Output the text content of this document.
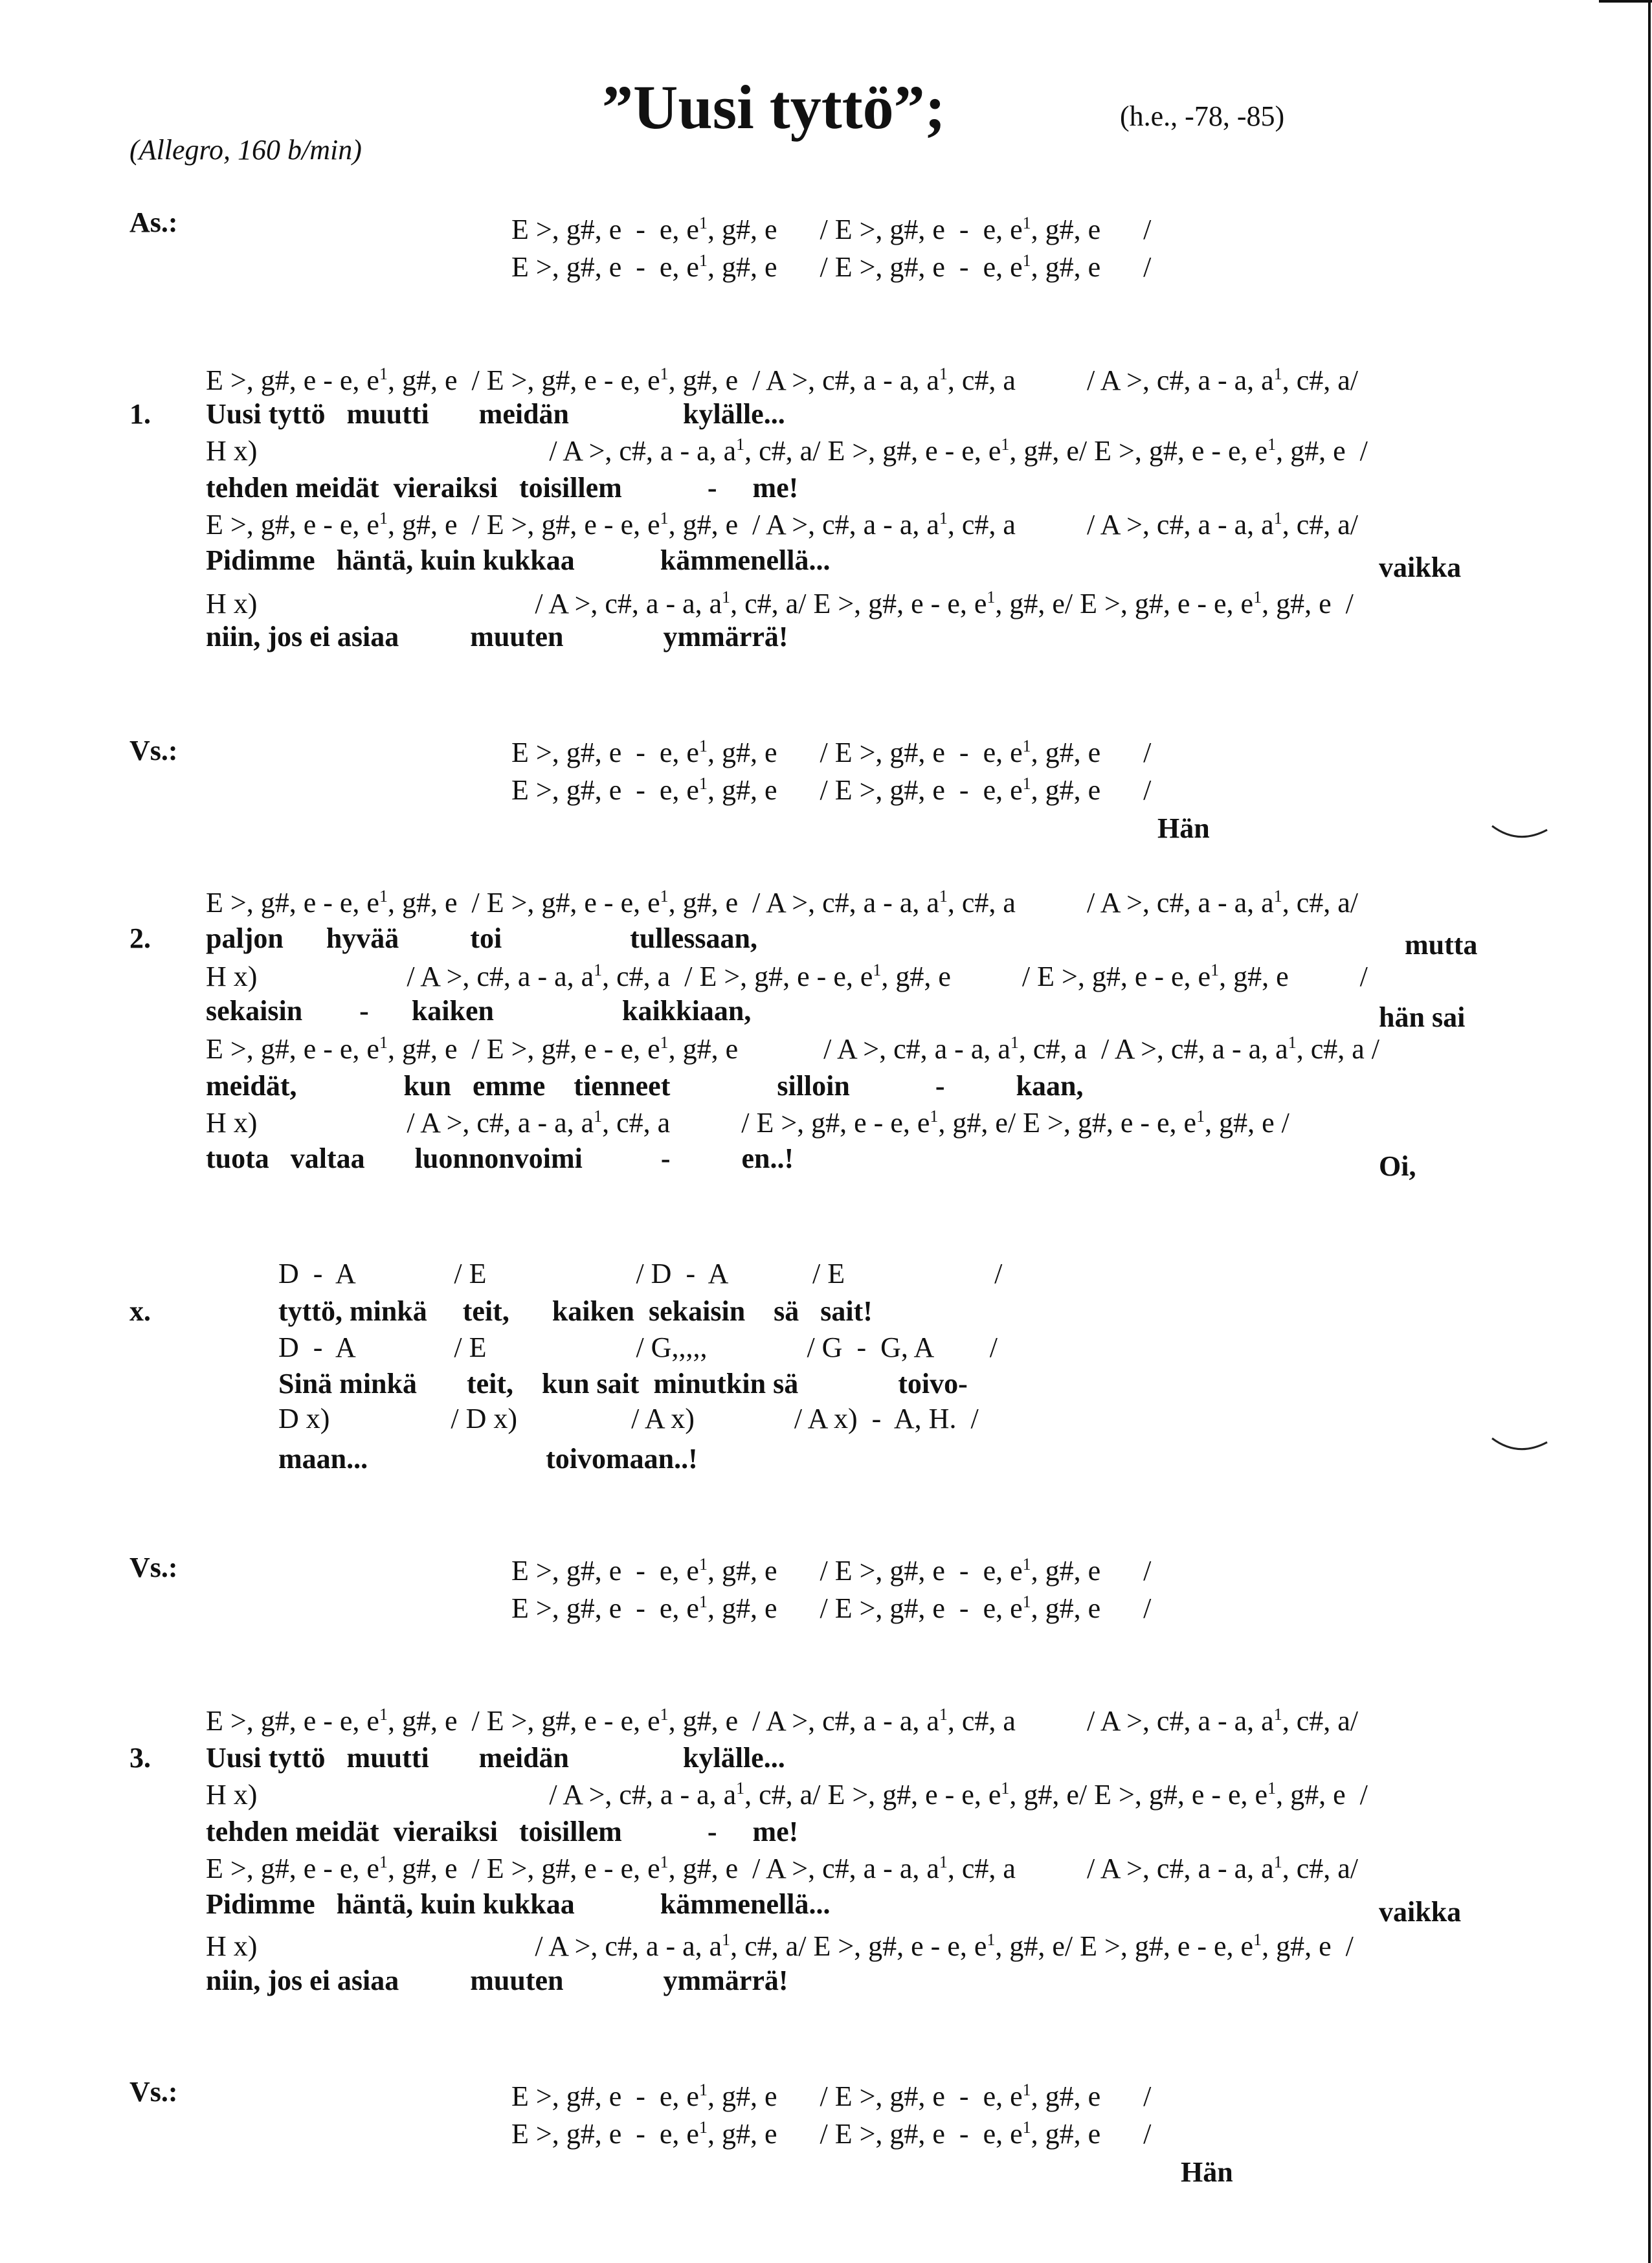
”Uusi tyttö”;	(h.e., -78, -85)
(Allegro, 160 b/min)
As.:	E >, g#, e  -  e, $e^1$, g#, e      / E >, g#, e  -  e, $e^1$, g#, e      /
E >, g#, e  -  e, $e^1$, g#, e      / E >, g#, e  -  e, $e^1$, g#, e      /
E >, g#, e - e, $e^1$, g#, e  / E >, g#, e - e, $e^1$, g#, e  / A >, c#, a - a, $a^1$, c#, a          / A >, c#, a - a, $a^1$, c#, a/
1. Uusi tyttö   muutti       meidän                kylälle...
H x)                                         / A >, c#, a - a, $a^1$, c#, a/ E >, g#, e - e, $e^1$, g#, e/ E >, g#, e - e, $e^1$, g#, e  /
tehden meidät  vieraiksi   toisillem            -     me!
E >, g#, e - e, $e^1$, g#, e  / E >, g#, e - e, $e^1$, g#, e  / A >, c#, a - a, $a^1$, c#, a          / A >, c#, a - a, $a^1$, c#, a/
Pidimme   häntä, kuin kukkaa            kämmenellä...	vaikka
H x)                                       / A >, c#, a - a, $a^1$, c#, a/ E >, g#, e - e, $e^1$, g#, e/ E >, g#, e - e, $e^1$, g#, e  /
niin, jos ei asiaa          muuten              ymmärrä!
Vs.:	E >, g#, e  -  e, $e^1$, g#, e      / E >, g#, e  -  e, $e^1$, g#, e      /
E >, g#, e  -  e, $e^1$, g#, e      / E >, g#, e  -  e, $e^1$, g#, e      /
Hän
E >, g#, e - e, $e^1$, g#, e  / E >, g#, e - e, $e^1$, g#, e  / A >, c#, a - a, $a^1$, c#, a          / A >, c#, a - a, $a^1$, c#, a/
2. paljon      hyvää          toi                  tullessaan,	mutta
H x)                     / A >, c#, a - a, $a^1$, c#, a  / E >, g#, e - e, $e^1$, g#, e          / E >, g#, e - e, $e^1$, g#, e          /
sekaisin        -      kaiken                  kaikkiaan,	hän sai
E >, g#, e - e, $e^1$, g#, e  / E >, g#, e - e, $e^1$, g#, e            / A >, c#, a - a, $a^1$, c#, a  / A >, c#, a - a, $a^1$, c#, a /
meidät,               kun   emme    tienneet               silloin            -          kaan,
H x)                     / A >, c#, a - a, $a^1$, c#, a          / E >, g#, e - e, $e^1$, g#, e/ E >, g#, e - e, $e^1$, g#, e /
tuota   valtaa       luonnonvoimi           -          en..!	Oi,
D  -  A              / E                     / D  -  A            / E                     /
x.	tyttö, minkä     teit,      kaiken  sekaisin    sä   sait!
D  -  A              / E                     / G,,,,,              / G  -  G, A        /
Sinä minkä       teit,    kun sait  minutkin sä              toivo-
D x)                 / D x)                / A x)              / A x)  -  A, H.  /
maan...                         toivomaan..!
Vs.:	E >, g#, e  -  e, $e^1$, g#, e      / E >, g#, e  -  e, $e^1$, g#, e      /
E >, g#, e  -  e, $e^1$, g#, e      / E >, g#, e  -  e, $e^1$, g#, e      /
E >, g#, e - e, $e^1$, g#, e  / E >, g#, e - e, $e^1$, g#, e  / A >, c#, a - a, $a^1$, c#, a          / A >, c#, a - a, $a^1$, c#, a/
3. Uusi tyttö   muutti       meidän                kylälle...
H x)                                         / A >, c#, a - a, $a^1$, c#, a/ E >, g#, e - e, $e^1$, g#, e/ E >, g#, e - e, $e^1$, g#, e  /
tehden meidät  vieraiksi   toisillem            -     me!
E >, g#, e - e, $e^1$, g#, e  / E >, g#, e - e, $e^1$, g#, e  / A >, c#, a - a, $a^1$, c#, a          / A >, c#, a - a, $a^1$, c#, a/
Pidimme   häntä, kuin kukkaa            kämmenellä...	vaikka
H x)                                       / A >, c#, a - a, $a^1$, c#, a/ E >, g#, e - e, $e^1$, g#, e/ E >, g#, e - e, $e^1$, g#, e  /
niin, jos ei asiaa          muuten              ymmärrä!
Vs.:	E >, g#, e  -  e, $e^1$, g#, e      / E >, g#, e  -  e, $e^1$, g#, e      /
E >, g#, e  -  e, $e^1$, g#, e      / E >, g#, e  -  e, $e^1$, g#, e      /
Hän
